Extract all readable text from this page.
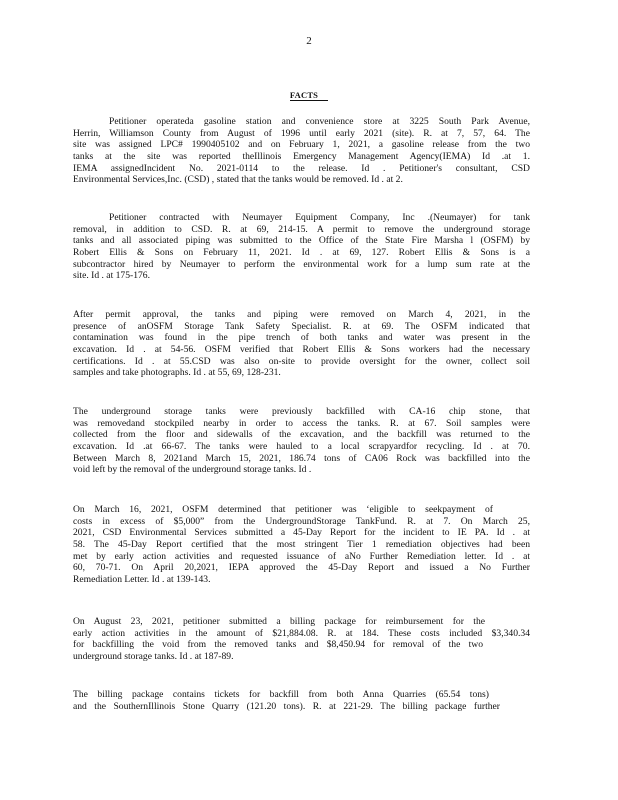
2
FACTS
Petitioner operateda gasoline station and convenience store at 3225 South Park Avenue,
Herrin, Williamson County from August of 1996 until early 2021 (site). R. at 7, 57, 64. The
site was assigned LPC# 1990405102 and on February 1, 2021, a gasoline release from the two
tanks at the site was reported theIllinois Emergency Management Agency(IEMA) Id .at 1.
IEMA assignedIncident No. 2021-0114 to the release. Id . Petitioner's consultant, CSD
Environmental Services,Inc. (CSD) , stated that the tanks would be removed. Id . at 2.
Petitioner contracted with Neumayer Equipment Company, Inc .(Neumayer) for tank
removal, in addition to CSD. R. at 69, 214-15. A permit to remove the underground storage
tanks and all associated piping was submitted to the Office of the State Fire Marsha l (OSFM) by
Robert Ellis & Sons on February 11, 2021. Id . at 69, 127. Robert Ellis & Sons is a
subcontractor hired by Neumayer to perform the environmental work for a lump sum rate at the
site. Id . at 175-176.
After permit approval, the tanks and piping were removed on March 4, 2021, in the
presence of anOSFM Storage Tank Safety Specialist. R. at 69. The OSFM indicated that
contamination was found in the pipe trench of both tanks and water was present in the
excavation. Id . at 54-56. OSFM verified that Robert Ellis & Sons workers had the necessary
certifications. Id . at 55.CSD was also on-site to provide oversight for the owner, collect soil
samples and take photographs. Id . at 55, 69, 128-231.
The underground storage tanks were previously backfilled with CA-16 chip stone, that
was removedand stockpiled nearby in order to access the tanks. R. at 67. Soil samples were
collected from the floor and sidewalls of the excavation, and the backfill was returned to the
excavation. Id .at 66-67. The tanks were hauled to a local scrapyardfor recycling. Id . at 70.
Between March 8, 2021and March 15, 2021, 186.74 tons of CA06 Rock was backfilled into the
void left by the removal of the underground storage tanks. Id .
On March 16, 2021, OSFM determined that petitioner was ‘eligible to seekpayment of
costs in excess of $5,000” from the UndergroundStorage TankFund. R. at 7. On March 25,
2021, CSD Environmental Services submitted a 45-Day Report for the incident to IE PA. Id . at
58. The 45-Day Report certified that the most stringent Tier 1 remediation objectives had been
met by early action activities and requested issuance of aNo Further Remediation letter. Id . at
60, 70-71. On April 20,2021, IEPA approved the 45-Day Report and issued a No Further
Remediation Letter. Id . at 139-143.
On August 23, 2021, petitioner submitted a billing package for reimbursement for the
early action activities in the amount of $21,884.08. R. at 184. These costs included $3,340.34
for backfilling the void from the removed tanks and $8,450.94 for removal of the two
underground storage tanks. Id . at 187-89.
The billing package contains tickets for backfill from both Anna Quarries (65.54 tons)
and the SouthernIllinois Stone Quarry (121.20 tons). R. at 221-29. The billing package further
